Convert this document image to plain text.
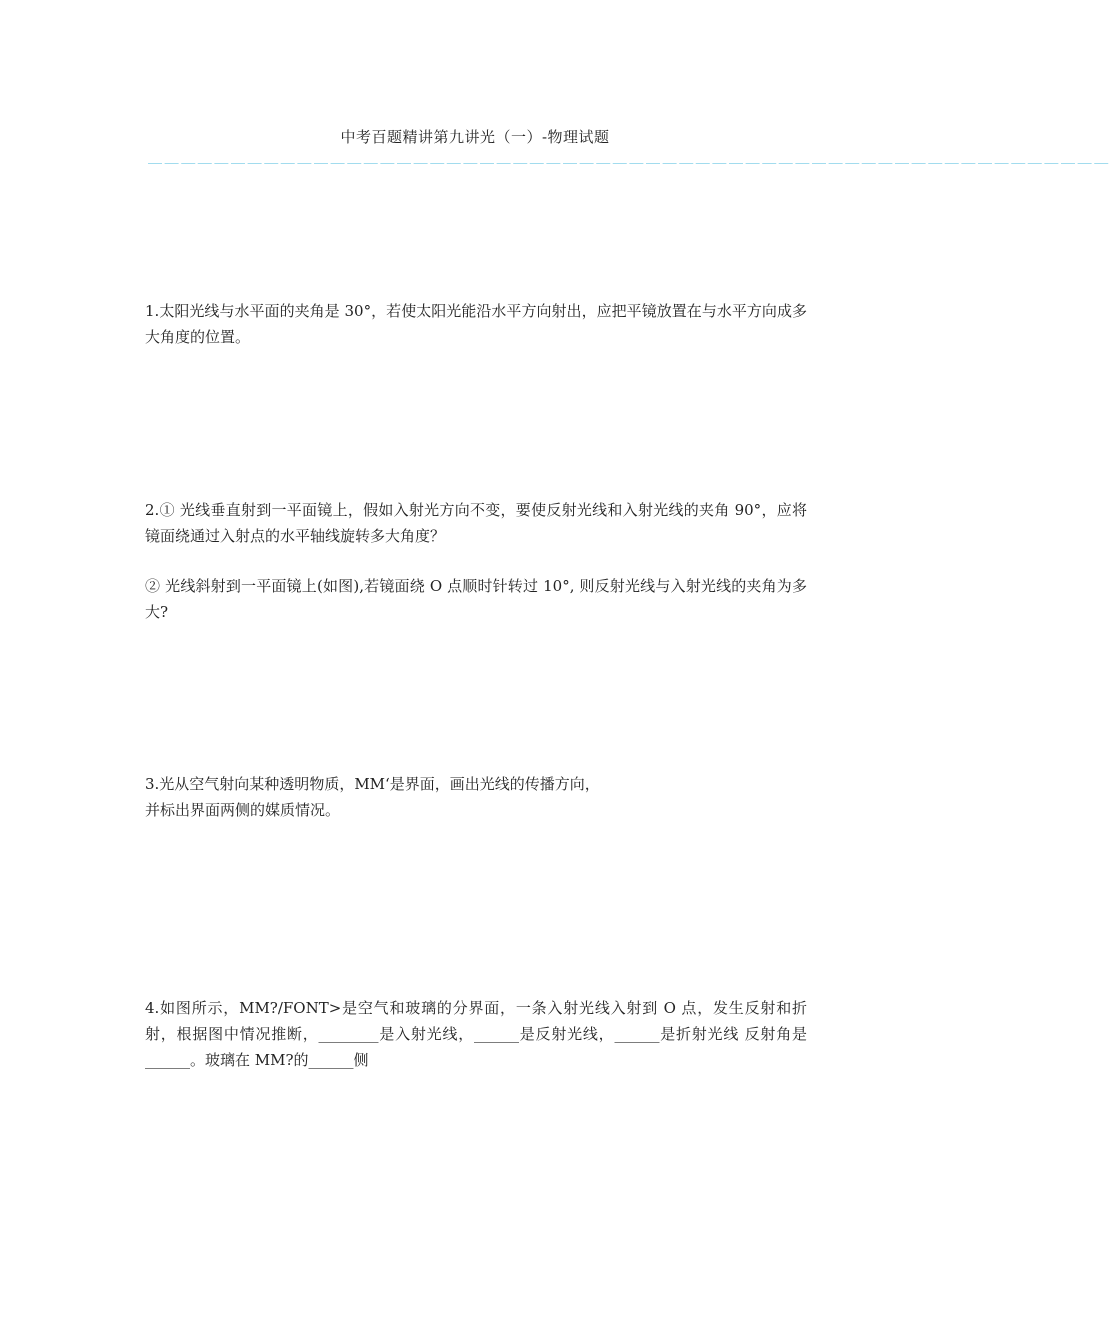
中考百题精讲第九讲光（一）-物理试题
＿＿＿＿＿＿＿＿＿＿＿＿＿＿＿＿＿＿＿＿＿＿＿＿＿＿＿＿＿＿＿＿＿＿＿＿＿＿＿＿＿＿＿＿＿＿＿＿＿＿＿＿＿＿＿＿＿＿

1.太阳光线与水平面的夹角是 30°，若使太阳光能沿水平方向射出，应把平镜放置在与水平方向成多大角度的位置。

2.① 光线垂直射到一平面镜上，假如入射光方向不变，要使反射光线和入射光线的夹角 90°，应将镜面绕通过入射点的水平轴线旋转多大角度？

② 光线斜射到一平面镜上(如图),若镜面绕 O 点顺时针转过 10°, 则反射光线与入射光线的夹角为多大?

3.光从空气射向某种透明物质，MM‘是界面，画出光线的传播方向，

并标出界面两侧的媒质情况。

4.如图所示，MM?/FONT>是空气和玻璃的分界面，一条入射光线入射到 O 点，发生反射和折射，根据图中情况推断，________是入射光线，______是反射光线，______是折射光线 反射角是______。玻璃在 MM?的______侧
